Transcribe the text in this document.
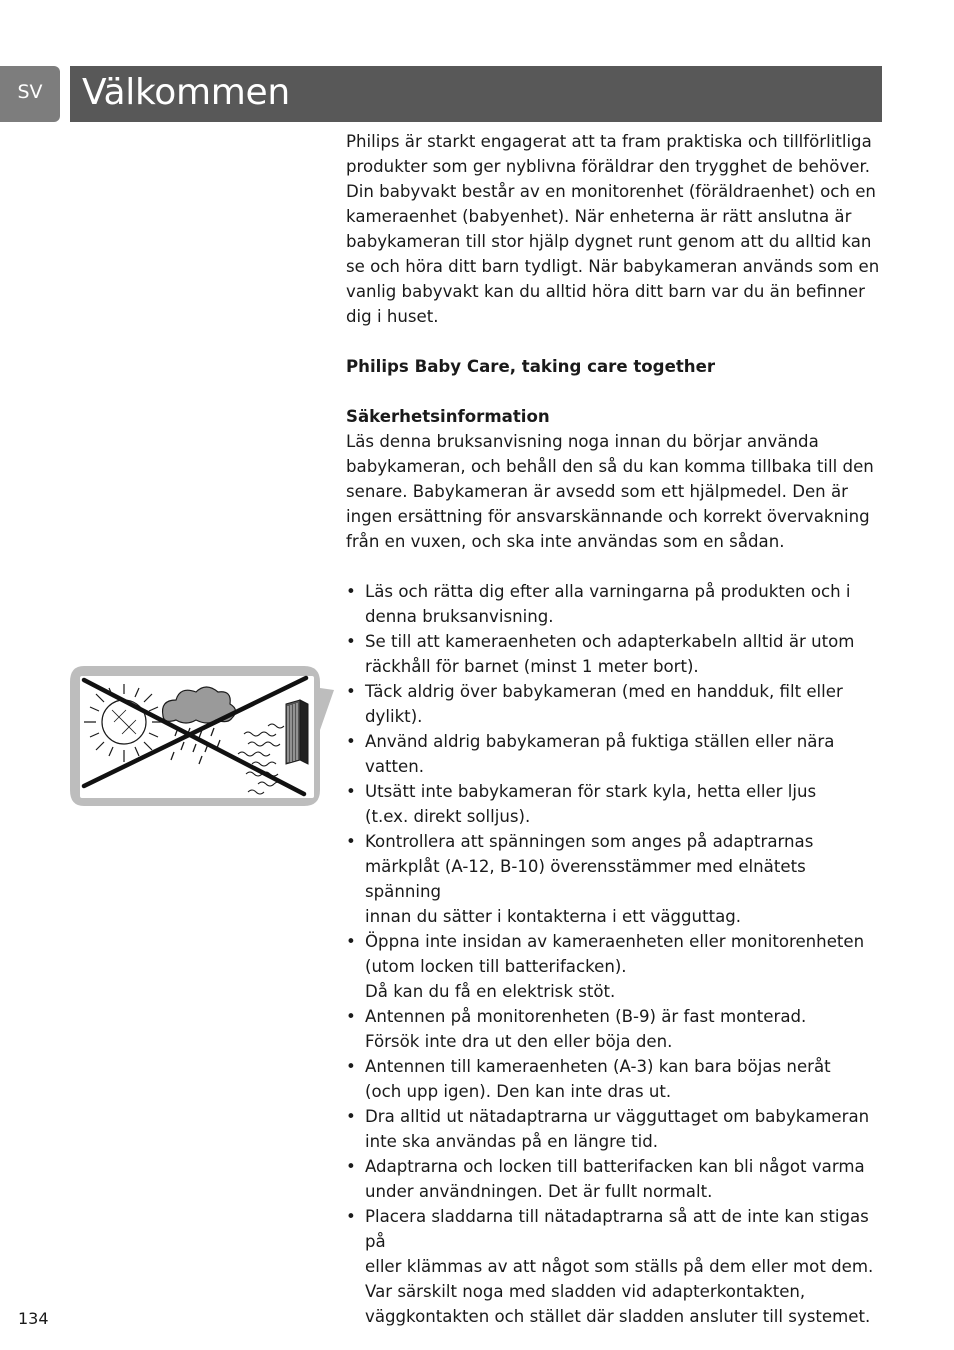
SV Välkommen

Philips är starkt engagerat att ta fram praktiska och tillförlitliga
produkter som ger nyblivna föräldrar den trygghet de behöver.
Din babyvakt består av en monitorenhet (föräldraenhet) och en
kameraenhet (babyenhet). När enheterna är rätt anslutna är
babykameran till stor hjälp dygnet runt genom att du alltid kan
se och höra ditt barn tydligt. När babykameran används som en
vanlig babyvakt kan du alltid höra ditt barn var du än befinner
dig i huset.

Philips Baby Care, taking care together

Säkerhetsinformation

Läs denna bruksanvisning noga innan du börjar använda
babykameran, och behåll den så du kan komma tillbaka till den
senare. Babykameran är avsedd som ett hjälpmedel. Den är
ingen ersättning för ansvarskännande och korrekt övervakning
från en vuxen, och ska inte användas som en sådan.

• Läs och rätta dig efter alla varningarna på produkten och i
denna bruksanvisning.
• Se till att kameraenheten och adapterkabeln alltid är utom
räckhåll för barnet (minst 1 meter bort).
• Täck aldrig över babykameran (med en handduk, filt eller
dylikt).
• Använd aldrig babykameran på fuktiga ställen eller nära
vatten.
• Utsätt inte babykameran för stark kyla, hetta eller ljus
(t.ex. direkt solljus).
• Kontrollera att spänningen som anges på adaptrarnas
märkplåt (A-12, B-10) överensstämmer med elnätets spänning
innan du sätter i kontakterna i ett vägguttag.
• Öppna inte insidan av kameraenheten eller monitorenheten
(utom locken till batterifacken).
Då kan du få en elektrisk stöt.
• Antennen på monitorenheten (B-9) är fast monterad.
Försök inte dra ut den eller böja den.
• Antennen till kameraenheten (A-3) kan bara böjas neråt
(och upp igen). Den kan inte dras ut.
• Dra alltid ut nätadaptrarna ur vägguttaget om babykameran
inte ska användas på en längre tid.
• Adaptrarna och locken till batterifacken kan bli något varma
under användningen. Det är fullt normalt.
• Placera sladdarna till nätadaptrarna så att de inte kan stigas på
eller klämmas av att något som ställs på dem eller mot dem.
Var särskilt noga med sladden vid adapterkontakten,
väggkontakten och stället där sladden ansluter till systemet.
134
